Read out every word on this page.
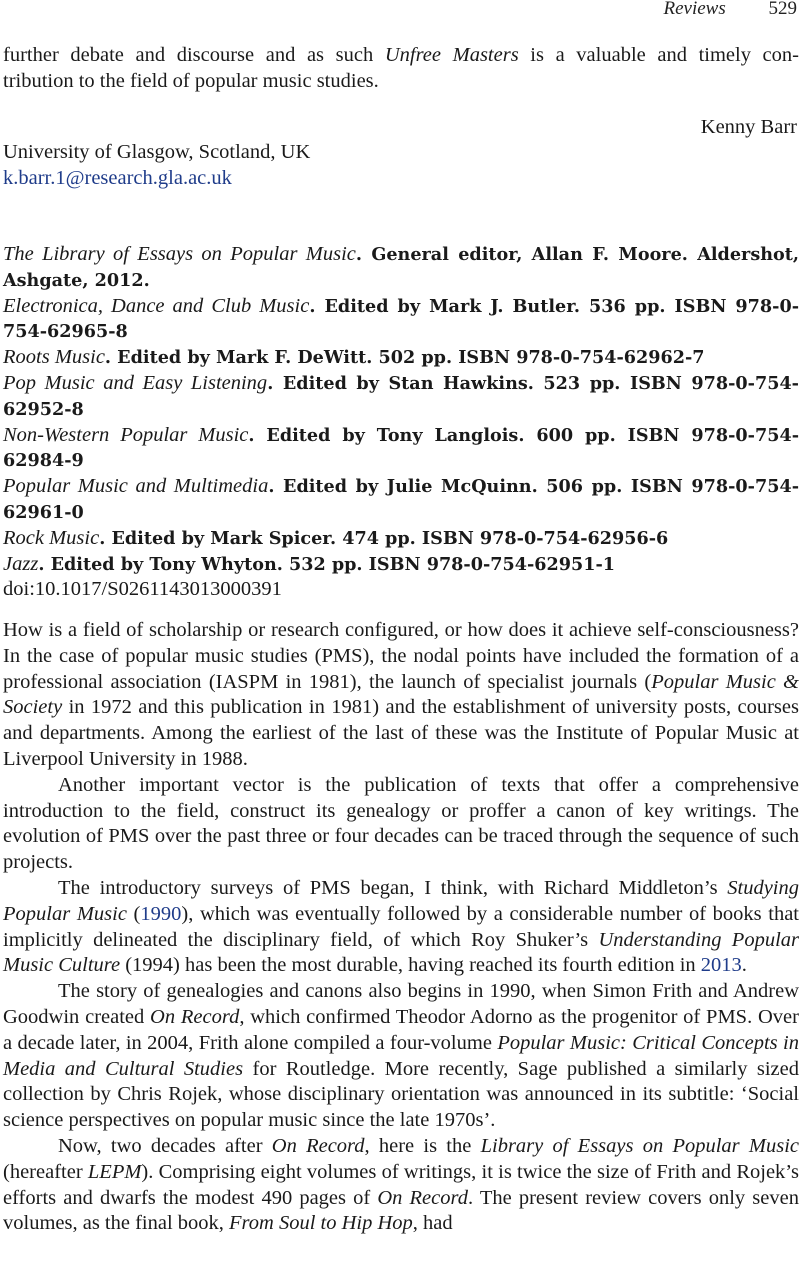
Reviews 529

further debate and discourse and as such Unfree Masters is a valuable and timely con-

tribution to the field of popular music studies.

Kenny Barr
University of Glasgow, Scotland, UK
k.barr.1@research.gla.ac.uk

The Library of Essays on Popular Music. General editor, Allan F. Moore. Aldershot, Ashgate, 2012.

Electronica, Dance and Club Music. Edited by Mark J. Butler. 536 pp. ISBN 978-0-754-62965-8

Roots Music. Edited by Mark F. DeWitt. 502 pp. ISBN 978-0-754-62962-7

Pop Music and Easy Listening. Edited by Stan Hawkins. 523 pp. ISBN 978-0-754-62952-8

Non-Western Popular Music. Edited by Tony Langlois. 600 pp. ISBN 978-0-754-62984-9

Popular Music and Multimedia. Edited by Julie McQuinn. 506 pp. ISBN 978-0-754-62961-0

Rock Music. Edited by Mark Spicer. 474 pp. ISBN 978-0-754-62956-6

Jazz. Edited by Tony Whyton. 532 pp. ISBN 978-0-754-62951-1

doi:10.1017/S0261143013000391

How is a field of scholarship or research configured, or how does it achieve self-consciousness? In the case of popular music studies (PMS), the nodal points have included the formation of a professional association (IASPM in 1981), the launch of specialist journals (Popular Music & Society in 1972 and this publication in 1981) and the establishment of university posts, courses and departments. Among the earliest of the last of these was the Institute of Popular Music at Liverpool University in 1988.

Another important vector is the publication of texts that offer a comprehensive introduction to the field, construct its genealogy or proffer a canon of key writings. The evolution of PMS over the past three or four decades can be traced through the sequence of such projects.

The introductory surveys of PMS began, I think, with Richard Middleton’s Studying Popular Music (1990), which was eventually followed by a considerable number of books that implicitly delineated the disciplinary field, of which Roy Shuker’s Understanding Popular Music Culture (1994) has been the most durable, having reached its fourth edition in 2013.

The story of genealogies and canons also begins in 1990, when Simon Frith and Andrew Goodwin created On Record, which confirmed Theodor Adorno as the progenitor of PMS. Over a decade later, in 2004, Frith alone compiled a four-volume Popular Music: Critical Concepts in Media and Cultural Studies for Routledge. More recently, Sage published a similarly sized collection by Chris Rojek, whose disciplinary orientation was announced in its subtitle: ‘Social science perspectives on popular music since the late 1970s’.

Now, two decades after On Record, here is the Library of Essays on Popular Music (hereafter LEPM). Comprising eight volumes of writings, it is twice the size of Frith and Rojek’s efforts and dwarfs the modest 490 pages of On Record. The present review covers only seven volumes, as the final book, From Soul to Hip Hop, had
